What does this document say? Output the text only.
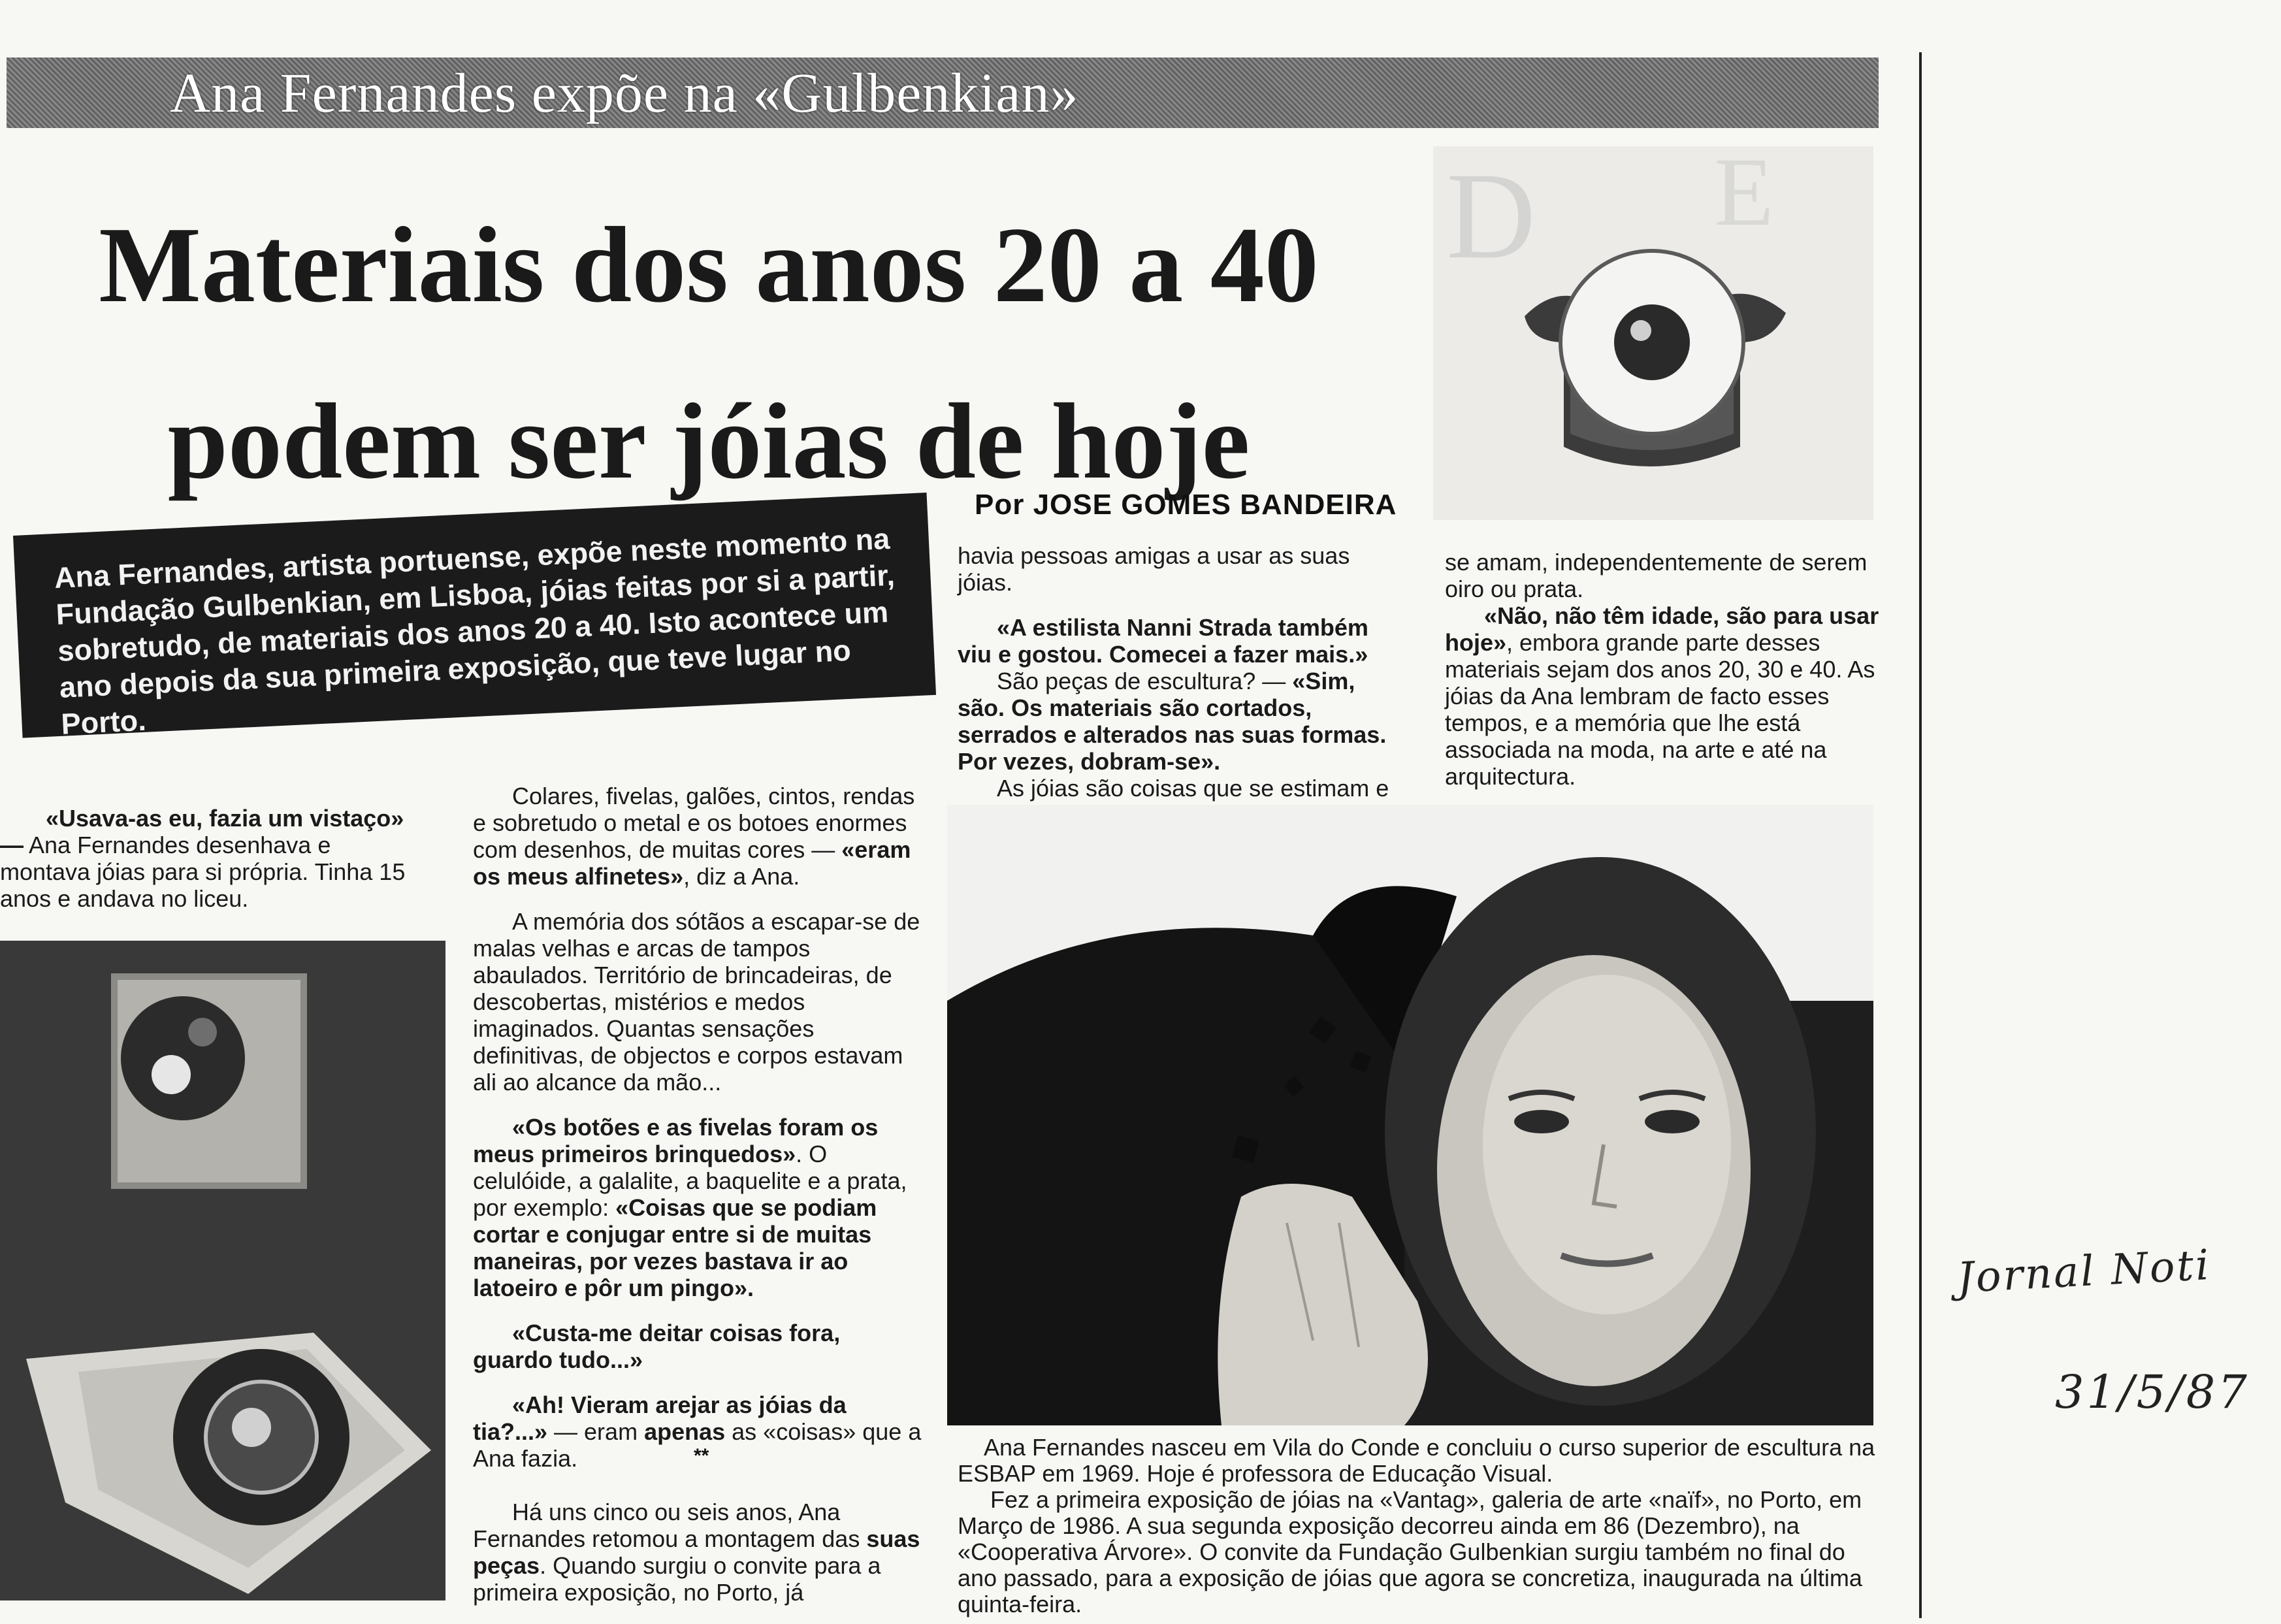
Ana Fernandes expõe na «Gulbenkian»
Materiais dos anos 20 a 40
podem ser jóias de hoje
D E
Por JOSE GOMES BANDEIRA
Ana Fernandes, artista portuense, expõe neste momento na Fundação Gulbenkian, em Lisboa, jóias feitas por si a partir, sobretudo, de materiais dos anos 20 a 40. Isto acontece um ano depois da sua primeira exposição, que teve lugar no Porto.

«Usava-as eu, fazia um vistaço» — Ana Fernandes desenhava e montava jóias para si própria. Tinha 15 anos e andava no liceu.

Colares, fivelas, galões, cintos, rendas e sobretudo o metal e os botoes enormes com desenhos, de muitas cores — «eram os meus alfinetes», diz a Ana.

A memória dos sótãos a escapar-se de malas velhas e arcas de tampos abaulados. Território de brincadeiras, de descobertas, mistérios e medos imaginados. Quantas sensações definitivas, de objectos e corpos estavam ali ao alcance da mão...

«Os botões e as fivelas foram os meus primeiros brinquedos». O celulóide, a galalite, a baquelite e a prata, por exemplo: «Coisas que se podiam cortar e conjugar entre si de muitas maneiras, por vezes bastava ir ao latoeiro e pôr um pingo».

«Custa-me deitar coisas fora, guardo tudo...»

«Ah! Vieram arejar as jóias da tia?...» — eram apenas as «coisas» que a Ana fazia.	**

Há uns cinco ou seis anos, Ana Fernandes retomou a montagem das suas peças. Quando surgiu o convite para a primeira exposição, no Porto, já

havia pessoas amigas a usar as suas jóias.

«A estilista Nanni Strada também viu e gostou. Comecei a fazer mais.»

São peças de escultura? — «Sim, são. Os materiais são cortados, serrados e alterados nas suas formas. Por vezes, dobram-se».

As jóias são coisas que se estimam e

se amam, independentemente de serem oiro ou prata.

«Não, não têm idade, são para usar hoje», embora grande parte desses materiais sejam dos anos 20, 30 e 40. As jóias da Ana lembram de facto esses tempos, e a memória que lhe está associada na moda, na arte e até na arquitectura.

Ana Fernandes nasceu em Vila do Conde e concluiu o curso superior de escultura na ESBAP em 1969. Hoje é professora de Educação Visual.

Fez a primeira exposição de jóias na «Vantag», galeria de arte «naïf», no Porto, em Março de 1986. A sua segunda exposição decorreu ainda em 86 (Dezembro), na «Cooperativa Árvore». O convite da Fundação Gulbenkian surgiu também no final do ano passado, para a exposição de jóias que agora se concretiza, inaugurada na última quinta-feira.

Jornal Noti
31/5/87
